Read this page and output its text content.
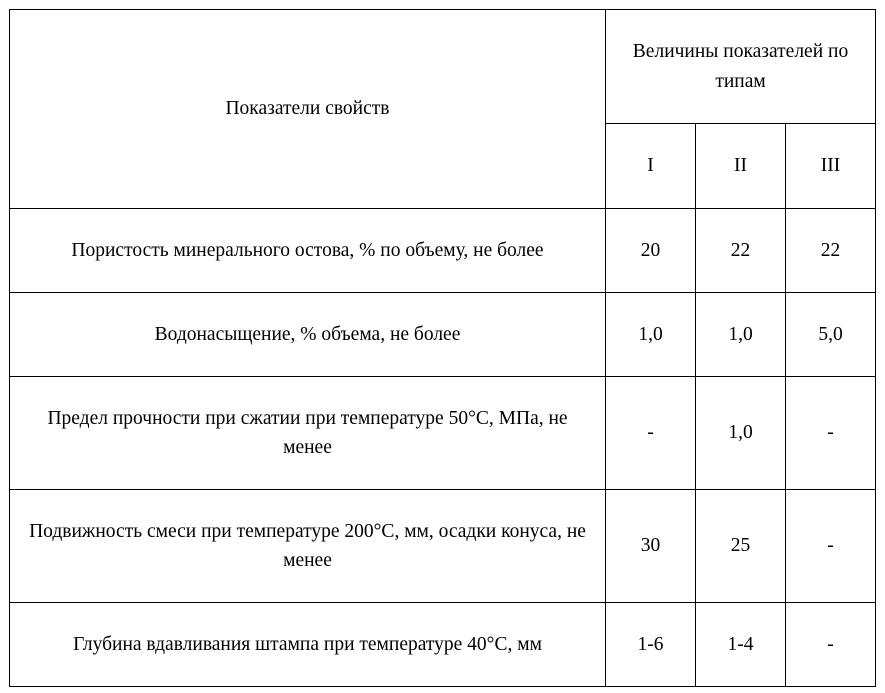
Показатели свойств	Величины показателей по типам		
	I	II	III
Пористость минерального остова, % по объему, не более	20	22	22
Водонасыщение, % объема, не более	1,0	1,0	5,0
Предел прочности при сжатии при температуре 50°С, МПа, не менее	-	1,0	-
Подвижность смеси при температуре 200°С, мм, осадки конуса, не менее	30	25	-
Глубина вдавливания штампа при температуре 40°С, мм	1-6	1-4	-
